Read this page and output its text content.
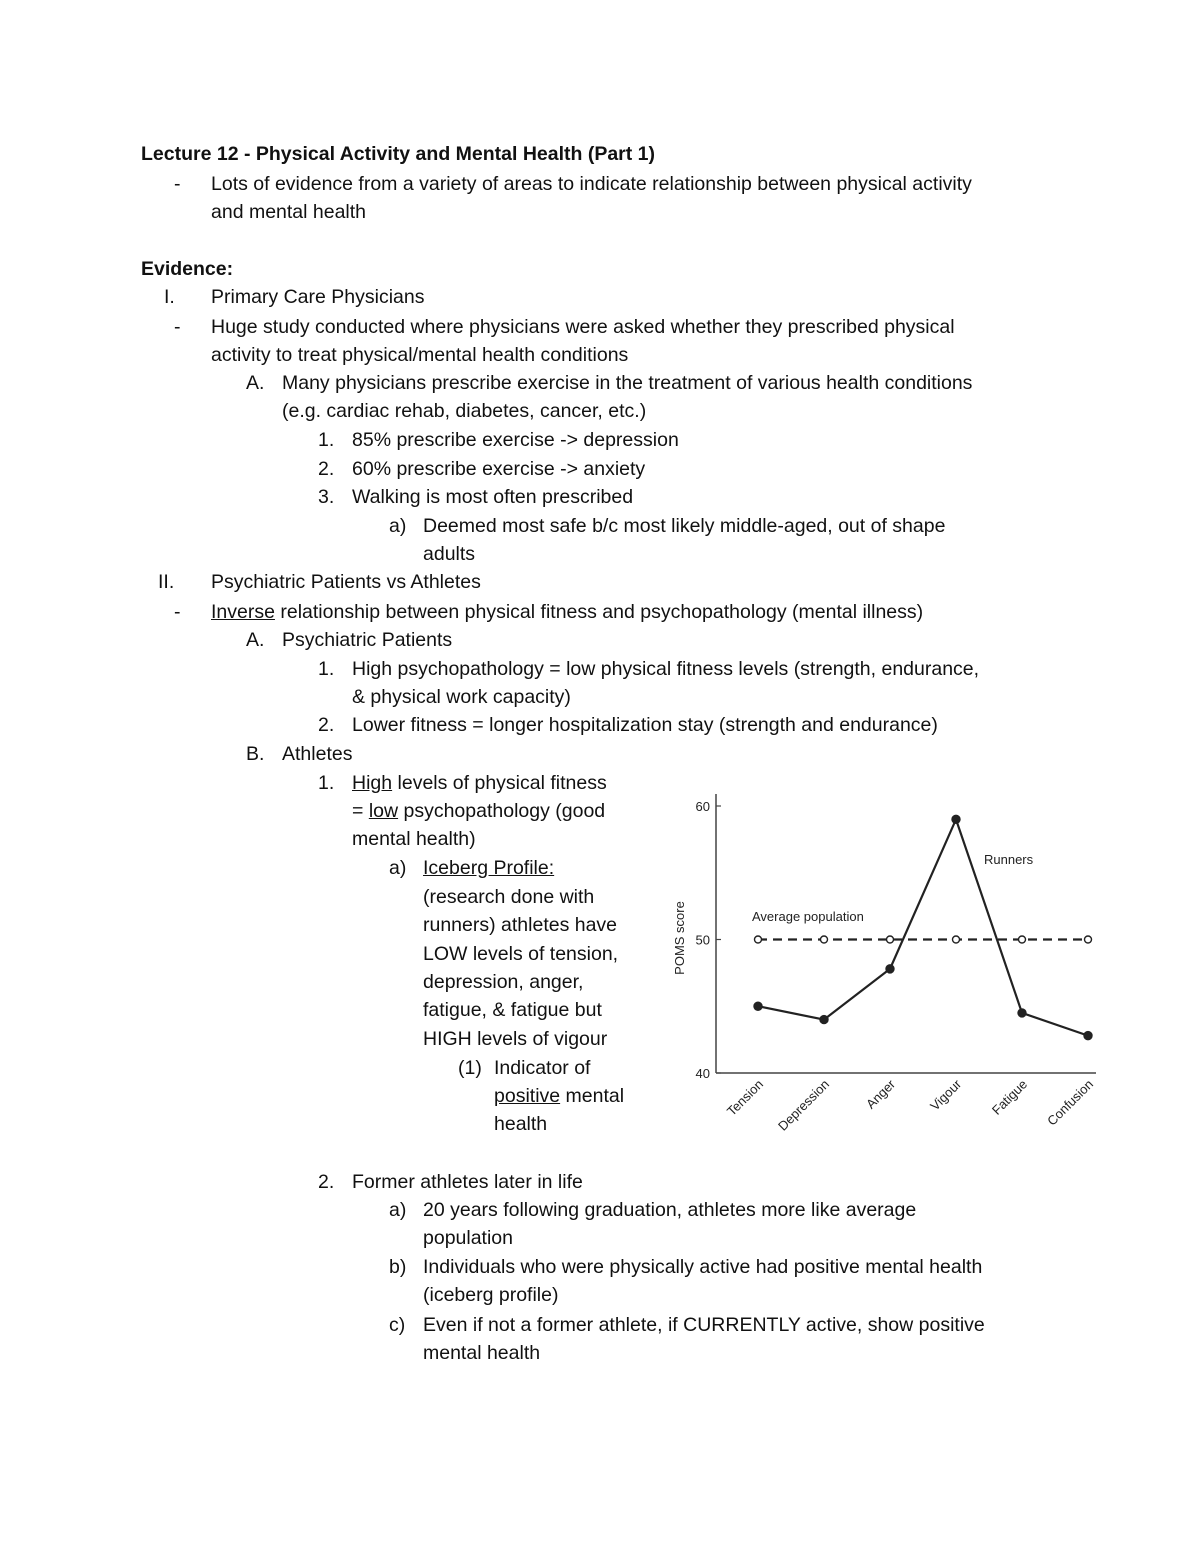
Lecture 12 - Physical Activity and Mental Health (Part 1)
- Lots of evidence from a variety of areas to indicate relationship between physical activity
and mental health
Evidence:
I. Primary Care Physicians
- Huge study conducted where physicians were asked whether they prescribed physical
activity to treat physical/mental health conditions
A. Many physicians prescribe exercise in the treatment of various health conditions
(e.g. cardiac rehab, diabetes, cancer, etc.)
1. 85% prescribe exercise -> depression
2. 60% prescribe exercise -> anxiety
3. Walking is most often prescribed
a) Deemed most safe b/c most likely middle-aged, out of shape
adults
II. Psychiatric Patients vs Athletes
- Inverse relationship between physical fitness and psychopathology (mental illness)
A. Psychiatric Patients
1. High psychopathology = low physical fitness levels (strength, endurance,
& physical work capacity)
2. Lower fitness = longer hospitalization stay (strength and endurance)
B. Athletes
1. High levels of physical fitness
= low psychopathology (good
mental health)
a) Iceberg Profile:
(research done with
runners) athletes have
LOW levels of tension,
depression, anger,
fatigue, & fatigue but
HIGH levels of vigour
(1) Indicator of
positive mental
health
2. Former athletes later in life
a) 20 years following graduation, athletes more like average
population
b) Individuals who were physically active had positive mental health
(iceberg profile)
c) Even if not a former athlete, if CURRENTLY active, show positive
mental health
POMS score
40
50
60
Tension Depression Anger Vigour Fatigue Confusion
Runners
Average population
